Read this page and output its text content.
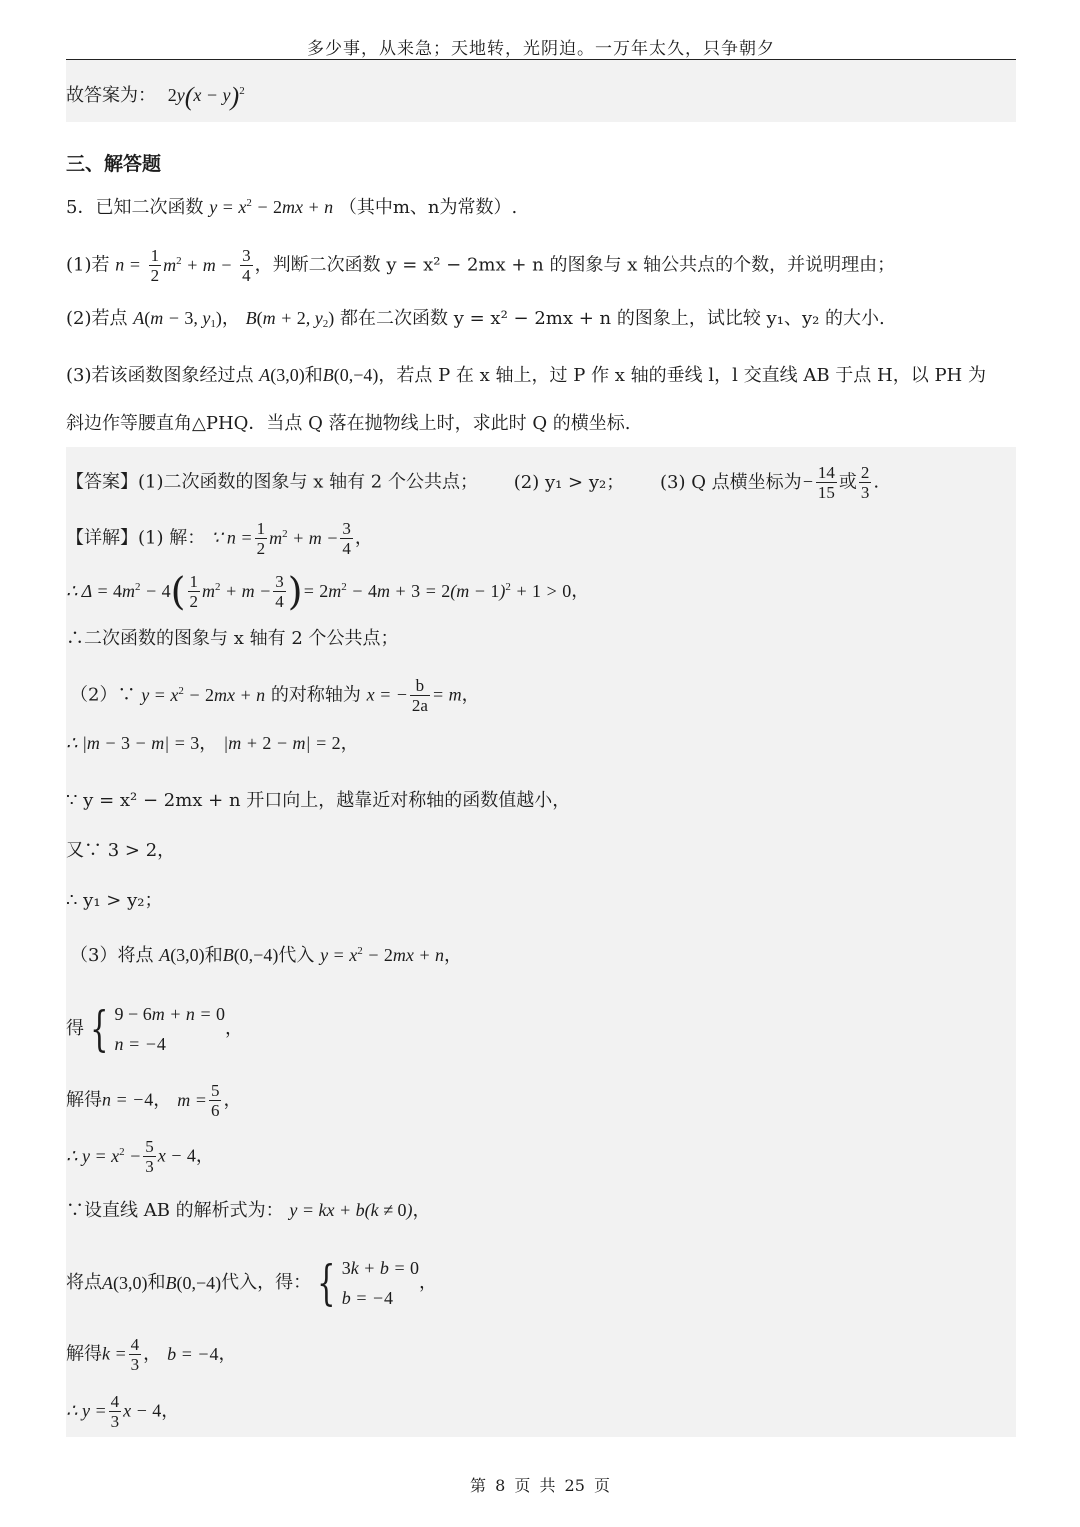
多少事，从来急；天地转，光阴迫。一万年太久，只争朝夕
故答案为： $2y(x - y)^2$
三、解答题
5．已知二次函数 $y = x^2 - 2mx + n$ （其中m、n为常数）.
(1)若 $n = \frac{1}{2} m^2 + m - \frac{3}{4}$ ，判断二次函数 y = x² − 2mx + n 的图象与 x 轴公共点的个数，并说明理由；
(2)若点 A(m − 3, $y_1$)， B(m + 2, $y_2$) 都在二次函数 y = x² − 2mx + n 的图象上，试比较 y₁、y₂ 的大小.
(3)若该函数图象经过点 A(3,0)和B(0,−4)，若点 P 在 x 轴上，过 P 作 x 轴的垂线 l，l 交直线 AB 于点 H，以 PH 为
斜边作等腰直角△PHQ．当点 Q 落在抛物线上时，求此时 Q 的横坐标.
【答案】(1)二次函数的图象与 x 轴有 2 个公共点； (2) y₁ > y₂； (3) Q 点横坐标为− $\frac{14}{15}$ 或 $\frac{2}{3}$ .
【详解】(1) 解： ∵ $n = \frac{1}{2} m^2 + m - \frac{3}{4}$ ，
∴ $\Delta = 4m^2 - 4( \frac{1}{2} m^2 + m - \frac{3}{4}$ )= $2m^2 - 4m + 3 = 2(m - 1)^2 + 1 > 0$，
∴二次函数的图象与 x 轴有 2 个公共点；
（2）∵ $y = x^2 - 2mx + n$ 的对称轴为 x = − $\frac{b}{2a} = m$，
∴ |m − 3 − m| = 3， |m + 2 − m| = 2，
∵ y = x² − 2mx + n 开口向上，越靠近对称轴的函数值越小，
又∵ 3 > 2，
∴ y₁ > y₂；
（3）将点 A(3,0)和B(0,−4)代入 $y = x^2 - 2mx + n$，
得 { 9 − 6m + n = 0
n = −4，
解得n = −4， $m = \frac{5}{6}$ ，
∴ $y = x^2 - \frac{5}{3}$ x − 4，
∵设直线 AB 的解析式为： y = kx + b(k ≠ 0)，
将点A(3,0)和B(0,−4)代入，得： { 3k + b = 0
b = −4，
解得$k = \frac{4}{3}$ ， b = −4，
∴ $y = \frac{4}{3}$ x − 4，
第 8 页 共 25 页
